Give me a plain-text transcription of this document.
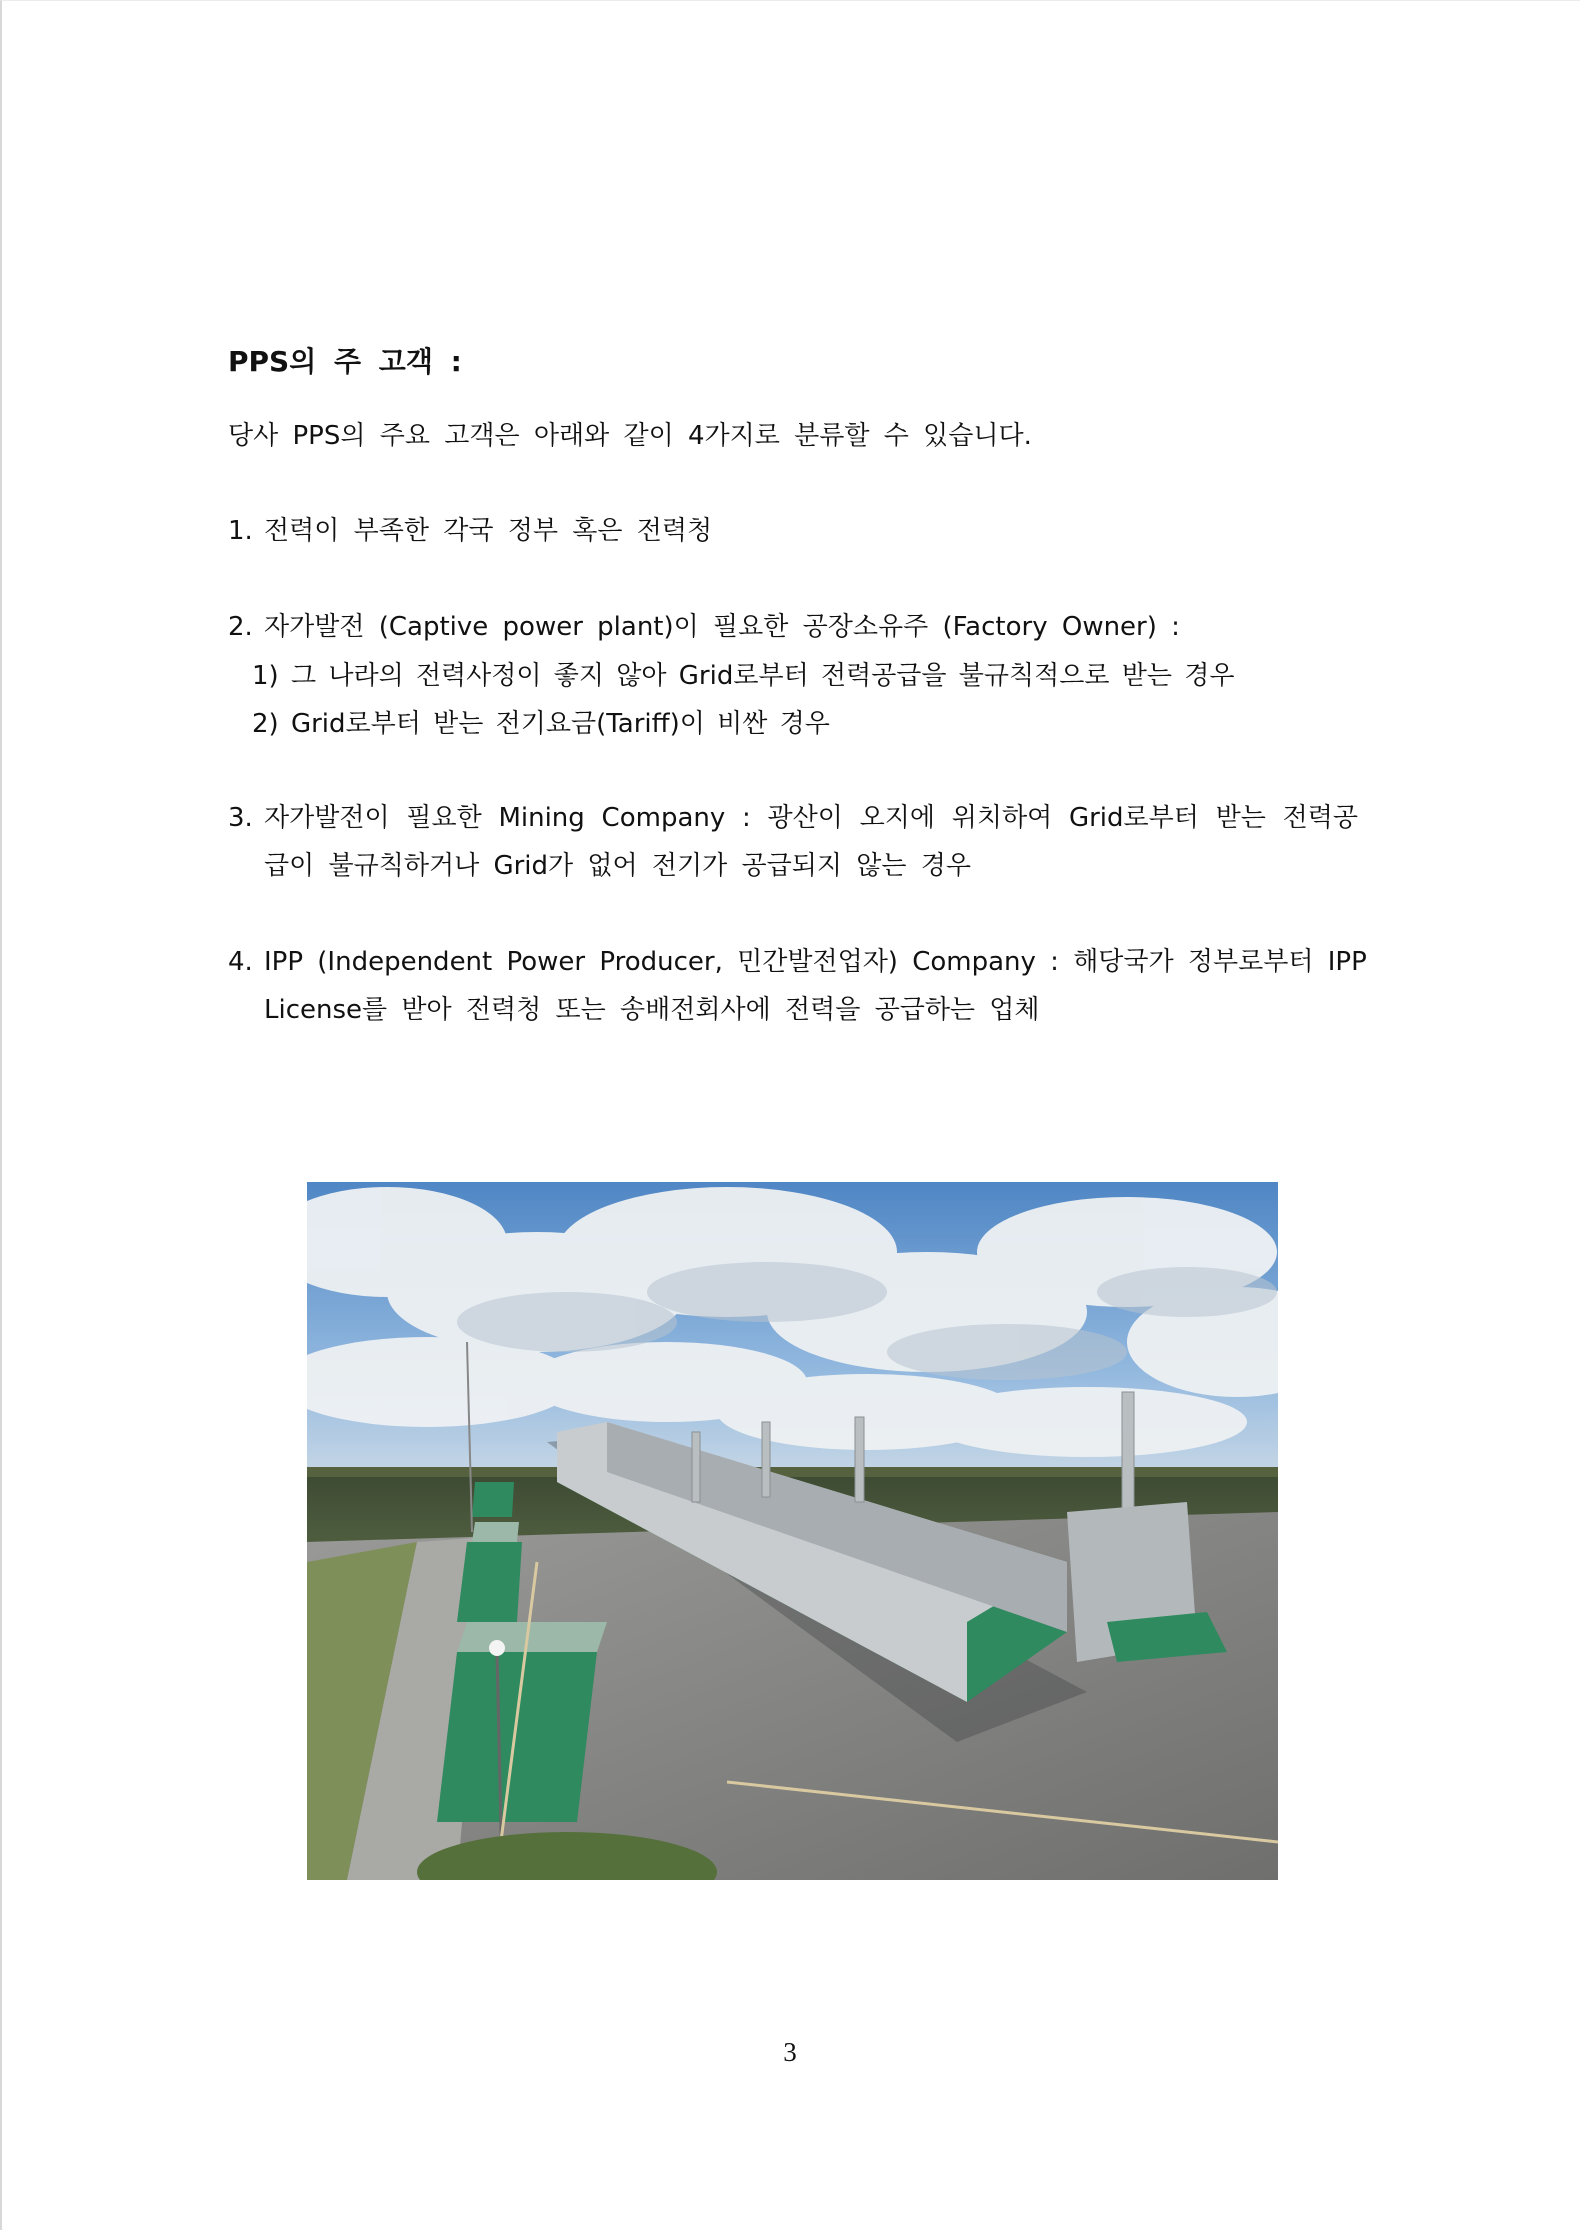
PPS의 주 고객 :
당사 PPS의 주요 고객은 아래와 같이 4가지로 분류할 수 있습니다.
1. 전력이 부족한 각국 정부 혹은 전력청
2. 자가발전 (Captive power plant)이 필요한 공장소유주 (Factory Owner) :
1) 그 나라의 전력사정이 좋지 않아 Grid로부터 전력공급을 불규칙적으로 받는 경우
2) Grid로부터 받는 전기요금(Tariff)이 비싼 경우
3. 자가발전이 필요한 Mining Company : 광산이 오지에 위치하여 Grid로부터 받는 전력공
급이 불규칙하거나 Grid가 없어 전기가 공급되지 않는 경우
4. IPP (Independent Power Producer, 민간발전업자) Company : 해당국가 정부로부터 IPP
License를 받아 전력청 또는 송배전회사에 전력을 공급하는 업체
3
